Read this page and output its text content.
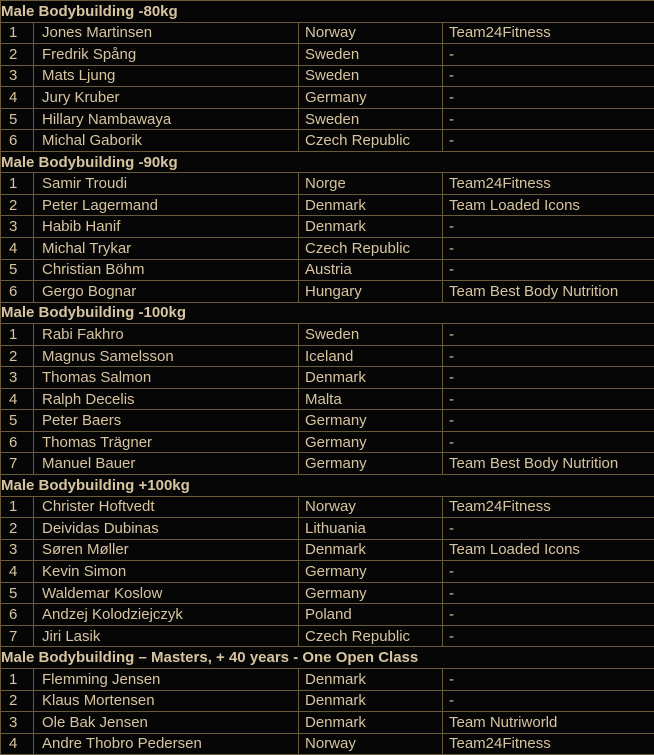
Male Bodybuilding -80kg			
1	Jones Martinsen	Norway	Team24Fitness
2	Fredrik Spång	Sweden	-
3	Mats Ljung	Sweden	-
4	Jury Kruber	Germany	-
5	Hillary Nambawaya	Sweden	-
6	Michal Gaborik	Czech Republic	-
Male Bodybuilding -90kg			
1	Samir Troudi	Norge	Team24Fitness
2	Peter Lagermand	Denmark	Team Loaded Icons
3	Habib Hanif	Denmark	-
4	Michal Trykar	Czech Republic	-
5	Christian Böhm	Austria	-
6	Gergo Bognar	Hungary	Team Best Body Nutrition
Male Bodybuilding -100kg			
1	Rabi Fakhro	Sweden	-
2	Magnus Samelsson	Iceland	-
3	Thomas Salmon	Denmark	-
4	Ralph Decelis	Malta	-
5	Peter Baers	Germany	-
6	Thomas Trägner	Germany	-
7	Manuel Bauer	Germany	Team Best Body Nutrition
Male Bodybuilding +100kg			
1	Christer Hoftvedt	Norway	Team24Fitness
2	Deividas Dubinas	Lithuania	-
3	Søren Møller	Denmark	Team Loaded Icons
4	Kevin Simon	Germany	-
5	Waldemar Koslow	Germany	-
6	Andzej Kolodziejczyk	Poland	-
7	Jiri Lasik	Czech Republic	-
Male Bodybuilding – Masters, + 40 years - One Open Class			
1	Flemming Jensen	Denmark	-
2	Klaus Mortensen	Denmark	-
3	Ole Bak Jensen	Denmark	Team Nutriworld
4	Andre Thobro Pedersen	Norway	Team24Fitness
